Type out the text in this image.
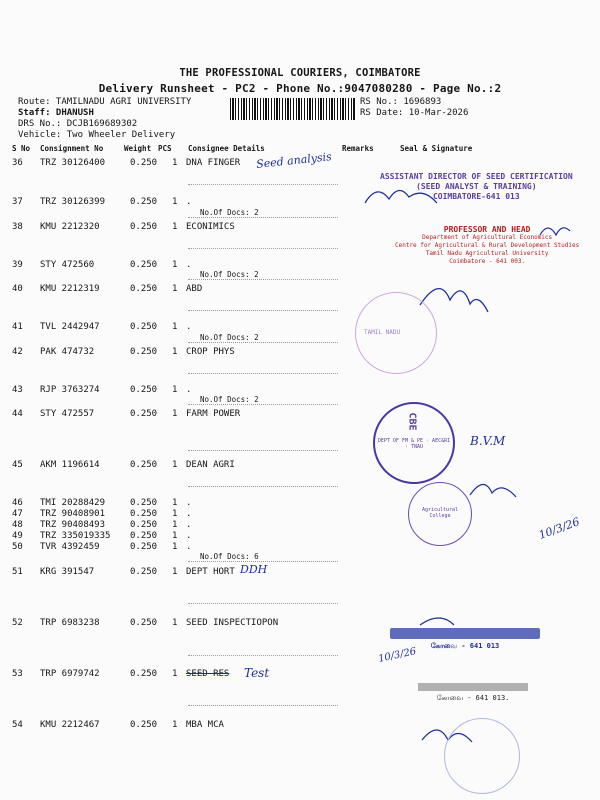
THE PROFESSIONAL COURIERS, COIMBATORE
Delivery Runsheet - PC2 - Phone No.:9047080280 - Page No.:2
Route: TAMILNADU AGRI UNIVERSITY
Staff: DHANUSH
DRS No.: DCJB169689302
Vehicle: Two Wheeler Delivery
RS No.: 1696893
RS Date: 10-Mar-2026
S No Consignment No	Weight PCS Consignee Details	Remarks	Seal & Signature
36 TRZ 30126400	0.250 1 DNA FINGER
37 TRZ 30126399	0.250 1 .
No.Of Docs: 2
38 KMU 2212320	0.250 1 ECONIMICS
39 STY 472560	0.250 1 .
No.Of Docs: 2
40 KMU 2212319	0.250 1 ABD
41 TVL 2442947	0.250 1 .
No.Of Docs: 2
42 PAK 474732	0.250 1 CROP PHYS
43 RJP 3763274	0.250 1 .
No.Of Docs: 2
44 STY 472557	0.250 1 FARM POWER
45 AKM 1196614	0.250 1 DEAN AGRI
46 TMI 20288429	0.250 1 .
47 TRZ 90408901	0.250 1 .
48 TRZ 90408493	0.250 1 .
49 TRZ 335019335 0.250 1 .
50 TVR 4392459	0.250 1 .
No.Of Docs: 6
51 KRG 391547	0.250 1 DEPT HORT
52 TRP 6983238	0.250 1 SEED INSPECTIOPON
53 TRP 6979742	0.250 1 SEED RES
54 KMU 2212467	0.250 1 MBA MCA
Seed analysis
DDH
Test
10/3/26
10/3/26
B.V.M
ASSISTANT DIRECTOR OF SEED CERTIFICATION
(SEED ANALYST & TRAINING)
COIMBATORE-641 013
PROFESSOR AND HEAD
Department of Agricultural Economics
Centre for Agricultural & Rural Development Studies
Tamil Nadu Agricultural University
Coimbatore - 641 003.
TAMIL NADU
DEPT OF FM & PE · AEC&RI · TNAU
CBE
Agricultural College
கோவை - 641 013
கோவை - 641 013.
